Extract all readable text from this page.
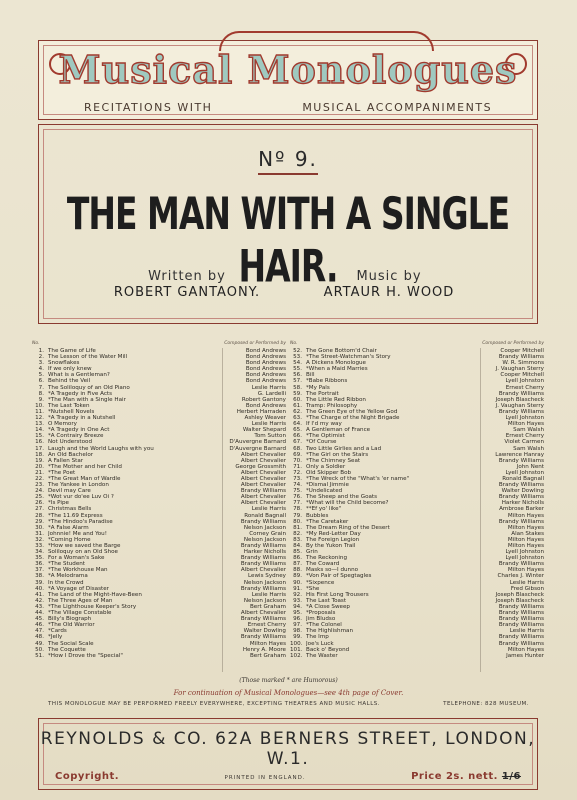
Musical Monologues
RECITATIONS WITH	MUSICAL ACCOMPANIMENTS
Nº 9.
THE MAN WITH A SINGLE HAIR.
Written by
ROBERT GANTAONY.
Music by
ARTAUR H. WOOD
No.	Composed or Performed by
1. The Game of Life	Bond Andrews
2. The Lesson of the Water Mill	Bond Andrews
3. Snowflakes	Bond Andrews
4. If we only knew	Bond Andrews
5. What is a Gentleman?	Bond Andrews
6. Behind the Veil	Bond Andrews
7. The Soliloquy of an Old Piano	Leslie Harris
8. *A Tragedy in Five Acts	G. Lardelli
9. *The Man with a Single Hair	Robert Gantony
10. The Last Token	Bond Andrews
11. *Nutshell Novels	Herbert Harraden
12. *A Tragedy in a Nutshell	Ashley Weaver
13. O Memory	Leslie Harris
14. *A Tragedy in One Act	Walter Shepard
15. *A Contrairy Breeze	Tom Sutton
16. Not Understood	D'Auvergne Barnard
17. Laugh and the World Laughs with you	D'Auvergne Barnard
18. An Old Bachelor	Albert Chevalier
19. A Fallen Star	Albert Chevalier
20. *The Mother and her Child	George Grossmith
21. *The Poet	Albert Chevalier
22. *The Great Man of Wardle	Albert Chevalier
23. The Yankee in London	Albert Chevalier
24. Devil may Care	Brandy Williams
25. *Wot vur do'ee Luv Oi ?	Albert Chevalier
26. *Is Pipe	Albert Chevalier
27. Christmas Bells	Leslie Harris
28. *The 11.69 Express	Ronald Bagnall
29. *The Hindoo's Paradise	Brandy Williams
30. *A False Alarm	Nelson Jackson
31. Johnnie! Me and You!	Corney Grain
32. *Coming Home	Nelson Jackson
33. *How we saved the Barge	Brandy Williams
34. Soliloquy on an Old Shoe	Harker Nicholls
35. For a Woman's Sake	Brandy Williams
36. *The Student	Brandy Williams
37. *The Workhouse Man	Albert Chevalier
38. *A Melodrama	Lewis Sydney
39. In the Crowd	Nelson Jackson
40. *A Voyage of Disaster	Brandy Williams
41. The Land of the Might-Have-Been	Leslie Harris
42. The Three Ages of Man	Nelson Jackson
43. *The Lighthouse Keeper's Story	Bert Graham
44. *The Village Constable	Albert Chevalier
45. Billy's Biograph	Brandy Williams
46. *The Old Warrior	Ernest Cherry
47. *Cards	Walter Dowling
48. *Jelly	Brandy Williams
49. The Social Scale	Milton Hayes
50. The Coquette	Henry A. Moore
51. *How I Drove the "Special"	Bert Graham
No.	Composed or Performed by
52. The Gone Bottom'd Chair	Cooper Mitchell
53. *The Street-Watchman's Story	Brandy Williams
54. A Dickens Monologue	W. R. Simmons
55. *When a Maid Marries	J. Vaughan Sterry
56. Bill	Cooper Mitchell
57. *Babe Ribbons	Lyell Johnston
58. *My Pals	Ernest Cherry
59. The Portrait	Brandy Williams
60. The Little Red Ribbon	Joseph Blascheck
61. Tramp: Philosophy	J. Vaughan Sterry
62. The Green Eye of the Yellow God	Brandy Williams
63. *The Charge of the Night Brigade	Lyell Johnston
64. If I'd my way	Milton Hayes
65. A Gentleman of France	Sam Walsh
66. *The Optimist	Ernest Cherry
67. *Of Course	Violet Carmen
68. Two Little Girlies and a Lad	Sam Walsh
69. *The Girl on the Stairs	Lawrence Hanray
70. *The Chimney Seat	Brandy Williams
71. Only a Soldier	John Nent
72. Old Skipper Bob	Lyell Johnston
73. *The Wreck of the "What's 'er name"	Ronald Bagnall
74. *Dismal Jimmie	Brandy Williams
75. *Undelicated	Walter Dowling
76. The Sheep and the Goats	Brandy Williams
77. *What will the Child become?	Harker Nicholls
78. **Ef yo' like"	Ambrose Barker
79. Bubbles	Milton Hayes
80. *The Caretaker	Brandy Williams
81. The Dream Ring of the Desert	Milton Hayes
82. *My Red-Letter Day	Alan Stakes
83. The Foreign Legion	Milton Hayes
84. By the Yukon Trail	Milton Hayes
85. Grin	Lyell Johnston
86. The Reckoning	Lyell Johnston
87. The Coward	Brandy Williams
88. Masks so—I dunno	Milton Hayes
89. *Von Pair of Spegtagles	Charles J. Winter
90. *Sixpence	Leslie Harris
91. *She	Fred Gibson
92. His First Long Trousers	Joseph Blascheck
93. The Last Toast	Joseph Blascheck
94. *A Close Sweep	Brandy Williams
95. *Proposals	Brandy Williams
96. Jim Bludso	Brandy Williams
97. *The Colonel	Brandy Williams
98. The Highlishman	Leslie Harris
99. The Imp	Brandy Williams
100. Joe's Luck	Brandy Williams
101. Back o' Beyond	Milton Hayes
102. The Waster	James Hunter
(Those marked * are Humorous)
For continuation of Musical Monologues—see 4th page of Cover.
THIS MONOLOGUE MAY BE PERFORMED FREELY EVERYWHERE, EXCEPTING THEATRES AND MUSIC HALLS.	TELEPHONE: 828 MUSEUM.
REYNOLDS & CO. 62A BERNERS STREET, LONDON, W.1.
Copyright.	PRINTED IN ENGLAND.	Price 2s. nett. 1/6
